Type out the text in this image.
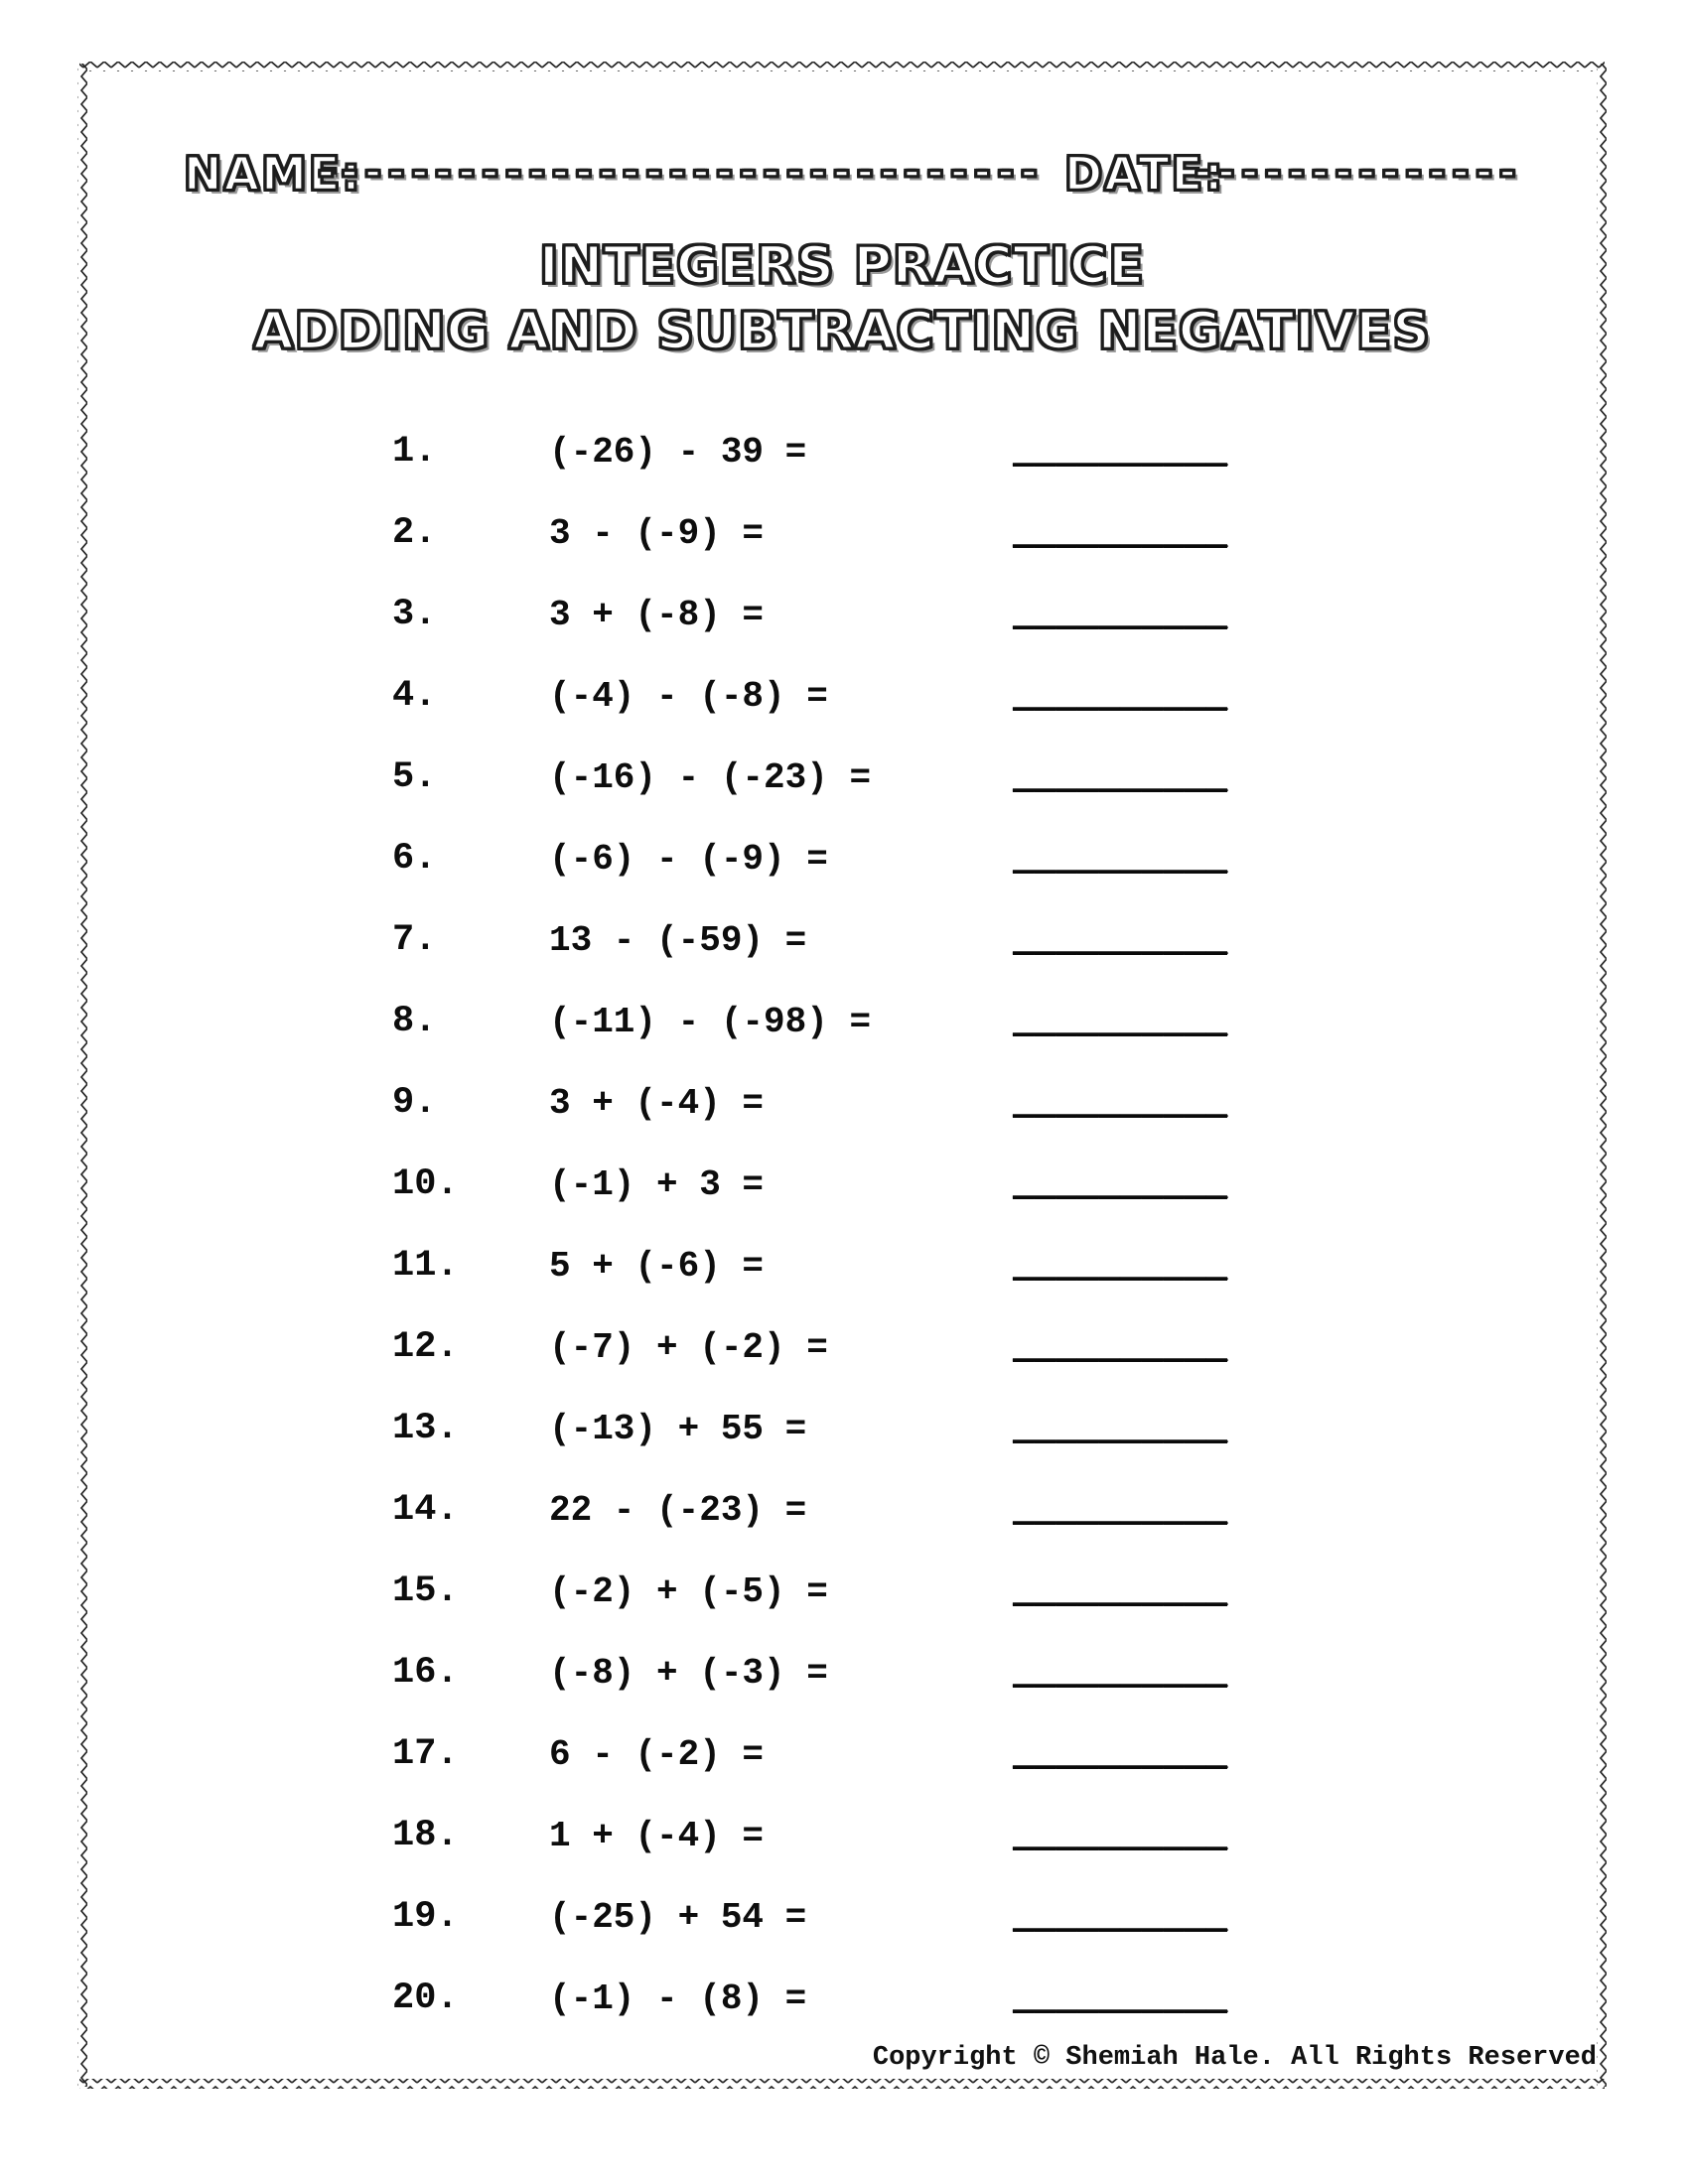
NAME:
------------------------------- DATE:
--------------
INTEGERS PRACTICE
ADDING AND SUBTRACTING NEGATIVES
1.	(-26) - 39 =	__________
2.	3 - (-9) =	__________
3.	3 + (-8) =	__________
4.	(-4) - (-8) =	__________
5.	(-16) - (-23) =	__________
6.	(-6) - (-9) =	__________
7.	13 - (-59) =	__________
8.	(-11) - (-98) =	__________
9.	3 + (-4) =	__________
10.	(-1) + 3 =	__________
11.	5 + (-6) =	__________
12.	(-7) + (-2) =	__________
13.	(-13) + 55 =	__________
14.	22 - (-23) =	__________
15.	(-2) + (-5) =	__________
16.	(-8) + (-3) =	__________
17.	6 - (-2) =	__________
18.	1 + (-4) =	__________
19.	(-25) + 54 =	__________
20.	(-1) - (8) =	__________
Copyright © Shemiah Hale. All Rights Reserved
